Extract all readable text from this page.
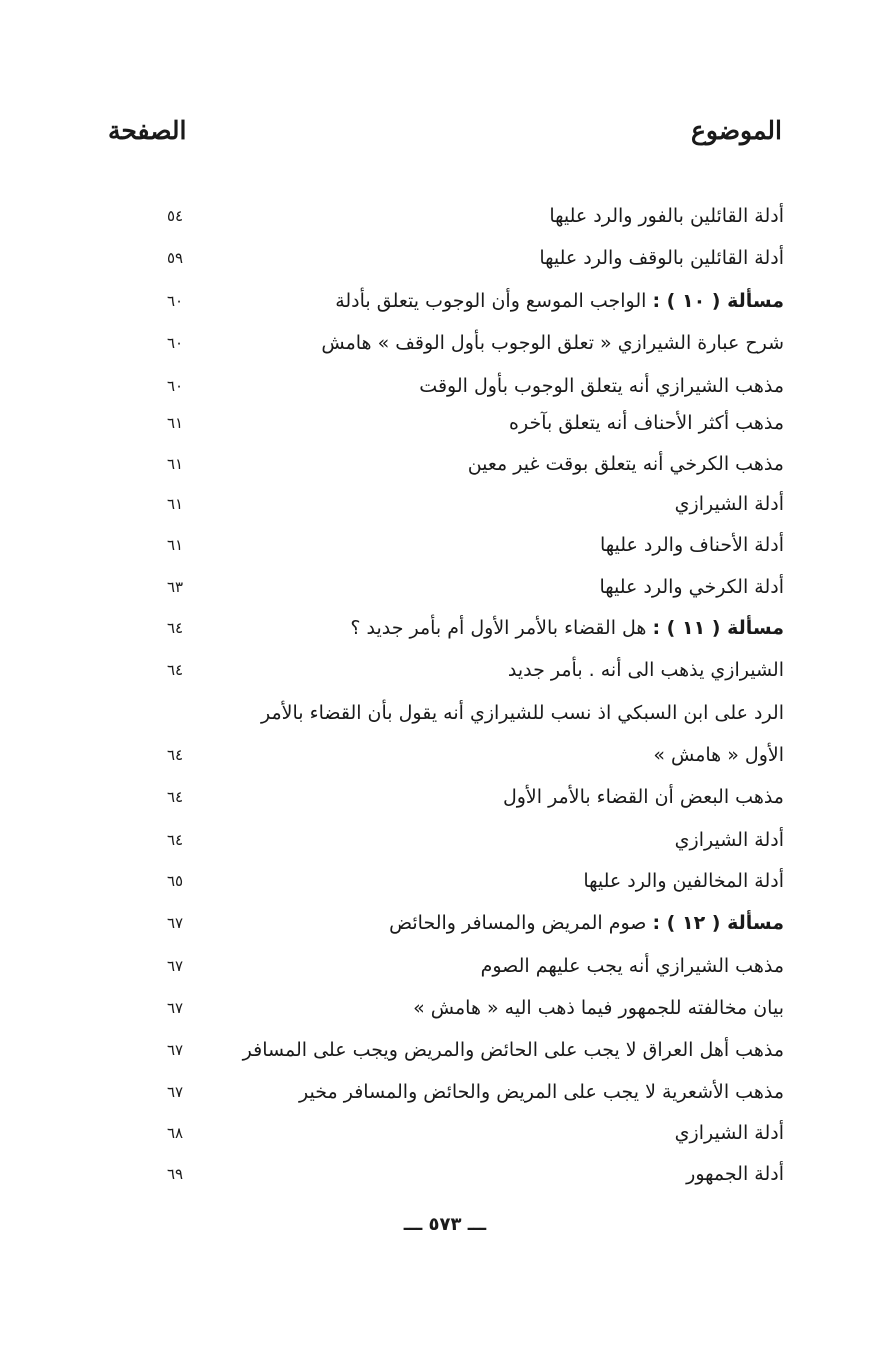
الموضوع
الصفحة
أدلة القائلين بالفور والرد عليها
٥٤
أدلة القائلين بالوقف والرد عليها
٥٩
مسألة ( ١٠ ) : الواجب الموسع وأن الوجوب يتعلق بأدلة
٦٠
شرح عبارة الشيرازي « تعلق الوجوب بأول الوقف » هامش
٦٠
مذهب الشيرازي أنه يتعلق الوجوب بأول الوقت
٦٠
مذهب أكثر الأحناف أنه يتعلق بآخره
٦١
مذهب الكرخي أنه يتعلق بوقت غير معين
٦١
أدلة الشيرازي
٦١
أدلة الأحناف والرد عليها
٦١
أدلة الكرخي والرد عليها
٦٣
مسألة ( ١١ ) : هل القضاء بالأمر الأول أم بأمر جديد ؟
٦٤
الشيرازي يذهب الى أنه . بأمر جديد
٦٤
الرد على ابن السبكي اذ نسب للشيرازي أنه يقول بأن القضاء بالأمر
الأول « هامش »
٦٤
مذهب البعض أن القضاء بالأمر الأول
٦٤
أدلة الشيرازي
٦٤
أدلة المخالفين والرد عليها
٦٥
مسألة ( ١٢ ) : صوم المريض والمسافر والحائض
٦٧
مذهب الشيرازي أنه يجب عليهم الصوم
٦٧
بيان مخالفته للجمهور فيما ذهب اليه « هامش »
٦٧
مذهب أهل العراق لا يجب على الحائض والمريض ويجب على المسافر
٦٧
مذهب الأشعرية لا يجب على المريض والحائض والمسافر مخير
٦٧
أدلة الشيرازي
٦٨
أدلة الجمهور
٦٩
ـــ ٥٧٣ ـــ
